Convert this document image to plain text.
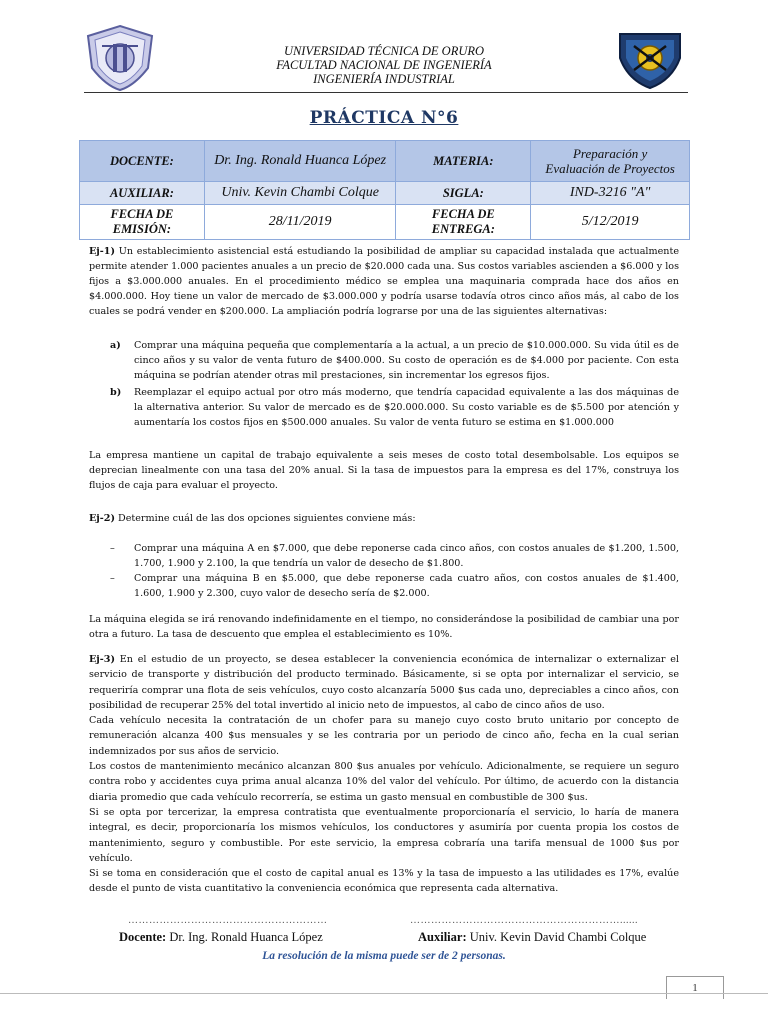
UNIVERSIDAD TÉCNICA DE ORURO
FACULTAD NACIONAL DE INGENIERÍA
INGENIERÍA INDUSTRIAL
PRÁCTICA N°6
DOCENTE:	Dr. Ing. Ronald Huanca López	MATERIA:	Preparación y
Evaluación de Proyectos

AUXILIAR:	Univ. Kevin Chambi Colque	SIGLA:	IND-3216 "A"
FECHA DE EMISIÓN:	28/11/2019	FECHA DE ENTREGA:	5/12/2019

Ej-1) Un establecimiento asistencial está estudiando la posibilidad de ampliar su capacidad instalada que actualmente permite atender 1.000 pacientes anuales a un precio de $20.000 cada una. Sus costos variables ascienden a $6.000 y los fijos a $3.000.000 anuales. En el procedimiento médico se emplea una maquinaria comprada hace dos años en $4.000.000. Hoy tiene un valor de mercado de $3.000.000 y podría usarse todavía otros cinco años más, al cabo de los cuales se podrá vender en $200.000. La ampliación podría lograrse por una de las siguientes alternativas:

a) Comprar una máquina pequeña que complementaría a la actual, a un precio de $10.000.000. Su vida útil es de cinco años y su valor de venta futuro de $400.000. Su costo de operación es de $4.000 por paciente. Con esta máquina se podrían atender otras mil prestaciones, sin incrementar los egresos fijos.
b) Reemplazar el equipo actual por otro más moderno, que tendría capacidad equivalente a las dos máquinas de la alternativa anterior. Su valor de mercado es de $20.000.000. Su costo variable es de $5.500 por atención y aumentaría los costos fijos en $500.000 anuales. Su valor de venta futuro se estima en $1.000.000
La empresa mantiene un capital de trabajo equivalente a seis meses de costo total desembolsable. Los equipos se deprecian linealmente con una tasa del 20% anual. Si la tasa de impuestos para la empresa es del 17%, construya los flujos de caja para evaluar el proyecto.

Ej-2) Determine cuál de las dos opciones siguientes conviene más:

– Comprar una máquina A en $7.000, que debe reponerse cada cinco años, con costos anuales de $1.200, 1.500, 1.700, 1.900 y 2.100, la que tendría un valor de desecho de $1.800.
– Comprar una máquina B en $5.000, que debe reponerse cada cuatro años, con costos anuales de $1.400, 1.600, 1.900 y 2.300, cuyo valor de desecho sería de $2.000.
La máquina elegida se irá renovando indefinidamente en el tiempo, no considerándose la posibilidad de cambiar una por otra a futuro. La tasa de descuento que emplea el establecimiento es 10%.

Ej-3) En el estudio de un proyecto, se desea establecer la conveniencia económica de internalizar o externalizar el servicio de transporte y distribución del producto terminado. Básicamente, si se opta por internalizar el servicio, se requeriría comprar una flota de seis vehículos, cuyo costo alcanzaría 5000 $us cada uno, depreciables a cinco años, con posibilidad de recuperar 25% del total invertido al inicio neto de impuestos, al cabo de cinco años de uso.

Cada vehículo necesita la contratación de un chofer para su manejo cuyo costo bruto unitario por concepto de remuneración alcanza 400 $us mensuales y se les contraria por un periodo de cinco año, fecha en la cual serian indemnizados por sus años de servicio.

Los costos de mantenimiento mecánico alcanzan 800 $us anuales por vehículo. Adicionalmente, se requiere un seguro contra robo y accidentes cuya prima anual alcanza 10% del valor del vehículo. Por último, de acuerdo con la distancia diaria promedio que cada vehículo recorrería, se estima un gasto mensual en combustible de 300 $us.

Si se opta por tercerizar, la empresa contratista que eventualmente proporcionaría el servicio, lo haría de manera integral, es decir, proporcionaría los mismos vehículos, los conductores y asumiría por cuenta propia los costos de mantenimiento, seguro y combustible. Por este servicio, la empresa cobraría una tarifa mensual de 1000 $us por vehículo.

Si se toma en consideración que el costo de capital anual es 13% y la tasa de impuesto a las utilidades es 17%, evalúe desde el punto de vista cuantitativo la conveniencia económica que representa cada alternativa.

…………………………………………………	……………………………………………………......
Docente: Dr. Ing. Ronald Huanca López	Auxiliar: Univ. Kevin David Chambi Colque
La resolución de la misma puede ser de 2 personas.
1
